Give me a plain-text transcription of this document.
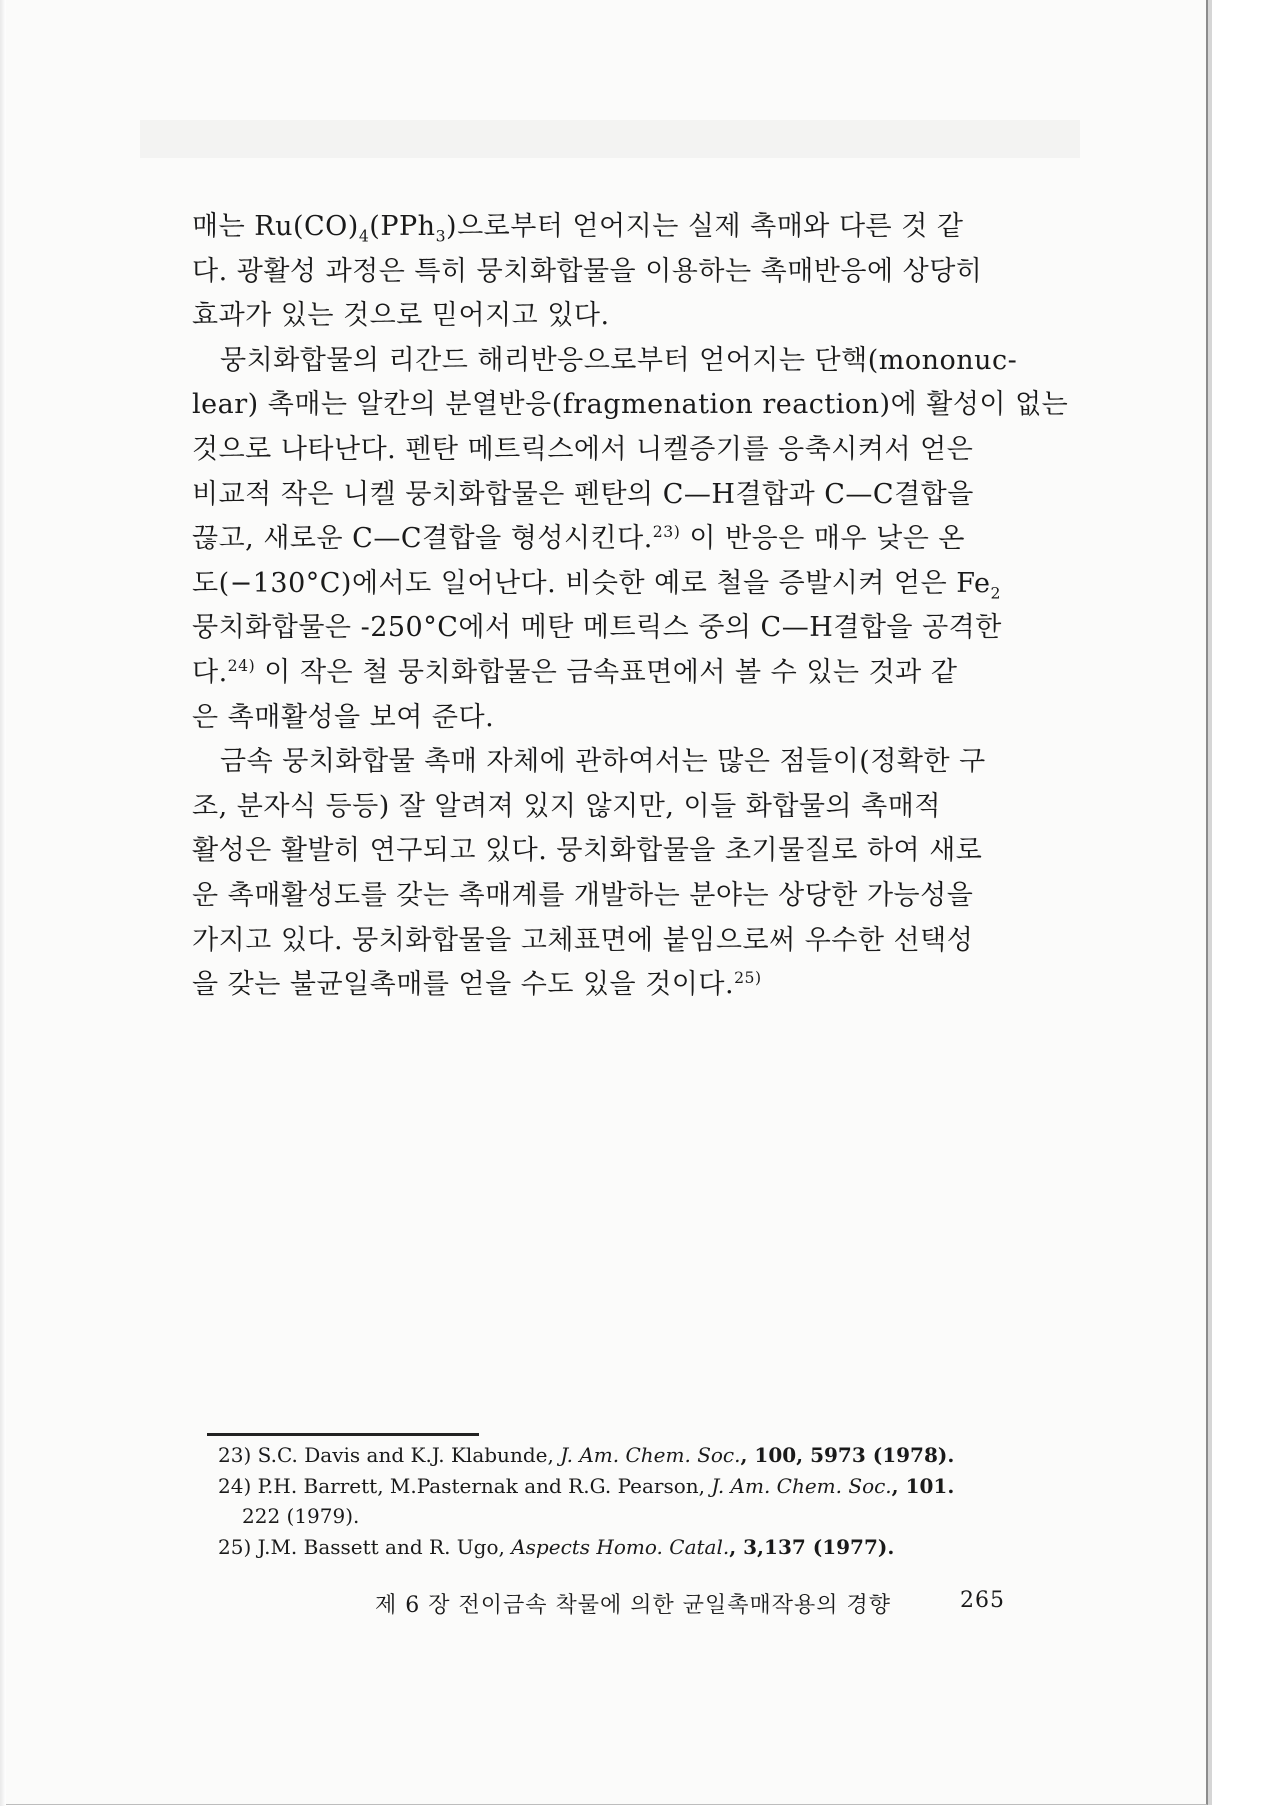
매는 $Ru(CO)_4(PPh_3)$으로부터 얻어지는 실제 촉매와 다른 것 같
다. 광활성 과정은 특히 뭉치화합물을 이용하는 촉매반응에 상당히
효과가 있는 것으로 믿어지고 있다.

뭉치화합물의 리간드 해리반응으로부터 얻어지는 단핵(mononuc-
lear) 촉매는 알칸의 분열반응(fragmenation reaction)에 활성이 없는
것으로 나타난다. 펜탄 메트릭스에서 니켈증기를 응축시켜서 얻은
비교적 작은 니켈 뭉치화합물은 펜탄의 C—H결합과 C—C결합을
끊고, 새로운 C—C결합을 형성시킨다.$^{23)}$ 이 반응은 매우 낮은 온
도(−130°C)에서도 일어난다. 비슷한 예로 철을 증발시켜 얻은 $Fe_2$
뭉치화합물은 -250°C에서 메탄 메트릭스 중의 C—H결합을 공격한
다.$^{24)}$ 이 작은 철 뭉치화합물은 금속표면에서 볼 수 있는 것과 같
은 촉매활성을 보여 준다.

금속 뭉치화합물 촉매 자체에 관하여서는 많은 점들이(정확한 구
조, 분자식 등등) 잘 알려져 있지 않지만, 이들 화합물의 촉매적
활성은 활발히 연구되고 있다. 뭉치화합물을 초기물질로 하여 새로
운 촉매활성도를 갖는 촉매계를 개발하는 분야는 상당한 가능성을
가지고 있다. 뭉치화합물을 고체표면에 붙임으로써 우수한 선택성
을 갖는 불균일촉매를 얻을 수도 있을 것이다.$^{25)}$

23) S.C. Davis and K.J. Klabunde, J. Am. Chem. Soc., 100, 5973 (1978).
24) P.H. Barrett, M.Pasternak and R.G. Pearson, J. Am. Chem. Soc., 101.
222 (1979).
25) J.M. Bassett and R. Ugo, Aspects Homo. Catal., 3,137 (1977).
제 6 장 전이금속 착물에 의한 균일촉매작용의 경향	265
